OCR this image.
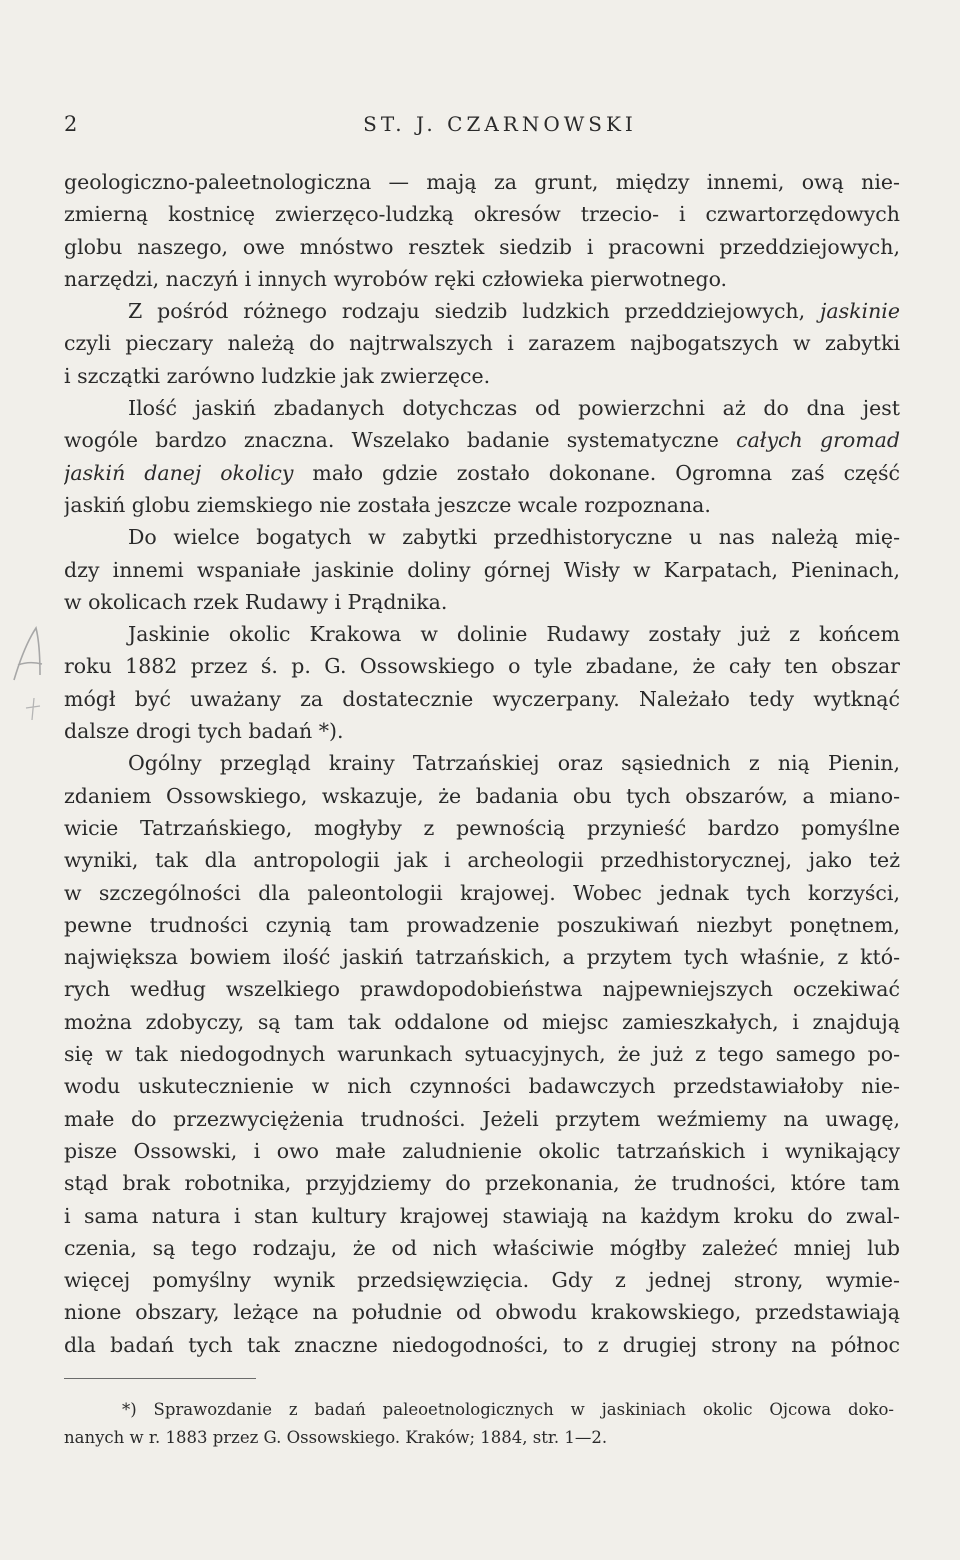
2	ST. J. CZARNOWSKI
geologiczno-paleetnologiczna — mają za grunt, między innemi, ową nie-
zmierną kostnicę zwierzęco-ludzką okresów trzecio- i czwartorzędowych
globu naszego, owe mnóstwo resztek siedzib i pracowni przeddziejowych,
narzędzi, naczyń i innych wyrobów ręki człowieka pierwotnego.
Z pośród różnego rodzaju siedzib ludzkich przeddziejowych, jaskinie
czyli pieczary należą do najtrwalszych i zarazem najbogatszych w zabytki
i szczątki zarówno ludzkie jak zwierzęce.
Ilość jaskiń zbadanych dotychczas od powierzchni aż do dna jest
wogóle bardzo znaczna. Wszelako badanie systematyczne całych gromad
jaskiń danej okolicy mało gdzie zostało dokonane. Ogromna zaś część
jaskiń globu ziemskiego nie została jeszcze wcale rozpoznana.
Do wielce bogatych w zabytki przedhistoryczne u nas należą mię-
dzy innemi wspaniałe jaskinie doliny górnej Wisły w Karpatach, Pieninach,
w okolicach rzek Rudawy i Prądnika.
Jaskinie okolic Krakowa w dolinie Rudawy zostały już z końcem
roku 1882 przez ś. p. G. Ossowskiego o tyle zbadane, że cały ten obszar
mógł być uważany za dostatecznie wyczerpany. Należało tedy wytknąć
dalsze drogi tych badań *).
Ogólny przegląd krainy Tatrzańskiej oraz sąsiednich z nią Pienin,
zdaniem Ossowskiego, wskazuje, że badania obu tych obszarów, a miano-
wicie Tatrzańskiego, mogłyby z pewnością przynieść bardzo pomyślne
wyniki, tak dla antropologii jak i archeologii przedhistorycznej, jako też
w szczególności dla paleontologii krajowej. Wobec jednak tych korzyści,
pewne trudności czynią tam prowadzenie poszukiwań niezbyt ponętnem,
największa bowiem ilość jaskiń tatrzańskich, a przytem tych właśnie, z któ-
rych według wszelkiego prawdopodobieństwa najpewniejszych oczekiwać
można zdobyczy, są tam tak oddalone od miejsc zamieszkałych, i znajdują
się w tak niedogodnych warunkach sytuacyjnych, że już z tego samego po-
wodu uskutecznienie w nich czynności badawczych przedstawiałoby nie-
małe do przezwyciężenia trudności. Jeżeli przytem weźmiemy na uwagę,
pisze Ossowski, i owo małe zaludnienie okolic tatrzańskich i wynikający
stąd brak robotnika, przyjdziemy do przekonania, że trudności, które tam
i sama natura i stan kultury krajowej stawiają na każdym kroku do zwal-
czenia, są tego rodzaju, że od nich właściwie mógłby zależeć mniej lub
więcej pomyślny wynik przedsięwzięcia. Gdy z jednej strony, wymie-
nione obszary, leżące na południe od obwodu krakowskiego, przedstawiają
dla badań tych tak znaczne niedogodności, to z drugiej strony na północ
*) Sprawozdanie z badań paleoetnologicznych w jaskiniach okolic Ojcowa doko-
nanych w r. 1883 przez G. Ossowskiego. Kraków; 1884, str. 1—2.
